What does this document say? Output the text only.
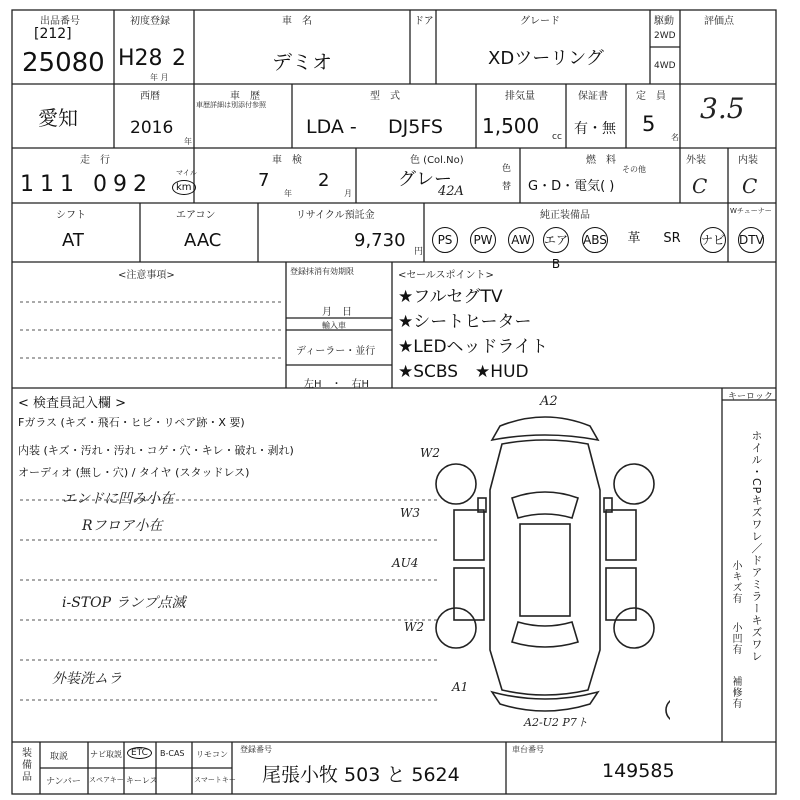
出品番号
[212]
25080
初度登録
H28 2
年 月
車　名
デミオ
ドア	グレード
XDツーリング
駆動
2WD
4WD
評価点
3.5
愛知
西暦
2016
年
車　歴
車歴詳細は別添付参照
型　式
LDA - DJ5FS
排気量
1,500 cc
保証書
有・無
定　員
5
名
走　行
111 092	マイル
km
車　検
7
年
2
月
色 (Col.No)
グレー
42A
色替
燃　料
その他
G・D・電気( )
外装
C
内装
C
シフト
AT
エアコン
AAC
リサイクル預託金
9,730
円
純正装備品	Wチューナー
PS	PW AW エアB
ABS	革	SR ナビ DTV
<注意事項>	登録抹消有効期限
月　日
輸入車
ディーラー・並行
左H　・　右H
<セールスポイント>
★フルセグTV
★シートヒーター
★LEDヘッドライト
★SCBS　★HUD
< 検査員記入欄 >
Fガラス (キズ・飛石・ヒビ・リペア跡・X 要)
内装 (キズ・汚れ・汚れ・コゲ・穴・キレ・破れ・剥れ)
オーディオ (無し・穴) / タイヤ (スタッドレス)
エンドに凹み小在
Rフロア小在
i-STOP ランプ点滅
外装洗ムラ
キーロック
ホイル・CPキズワレ／ドアミラーキズワレ
小キズ有
小凹有
補修有
A2
W2
W3
AU4
W2
A1
A2-U2 P7ト
装備品
取説	ナビ取説	ETC	B-CAS リモコン
ナンバー スペアキー キーレス	スマートキー
登録番号
尾張小牧 503 と 5624
車台番号
149585
